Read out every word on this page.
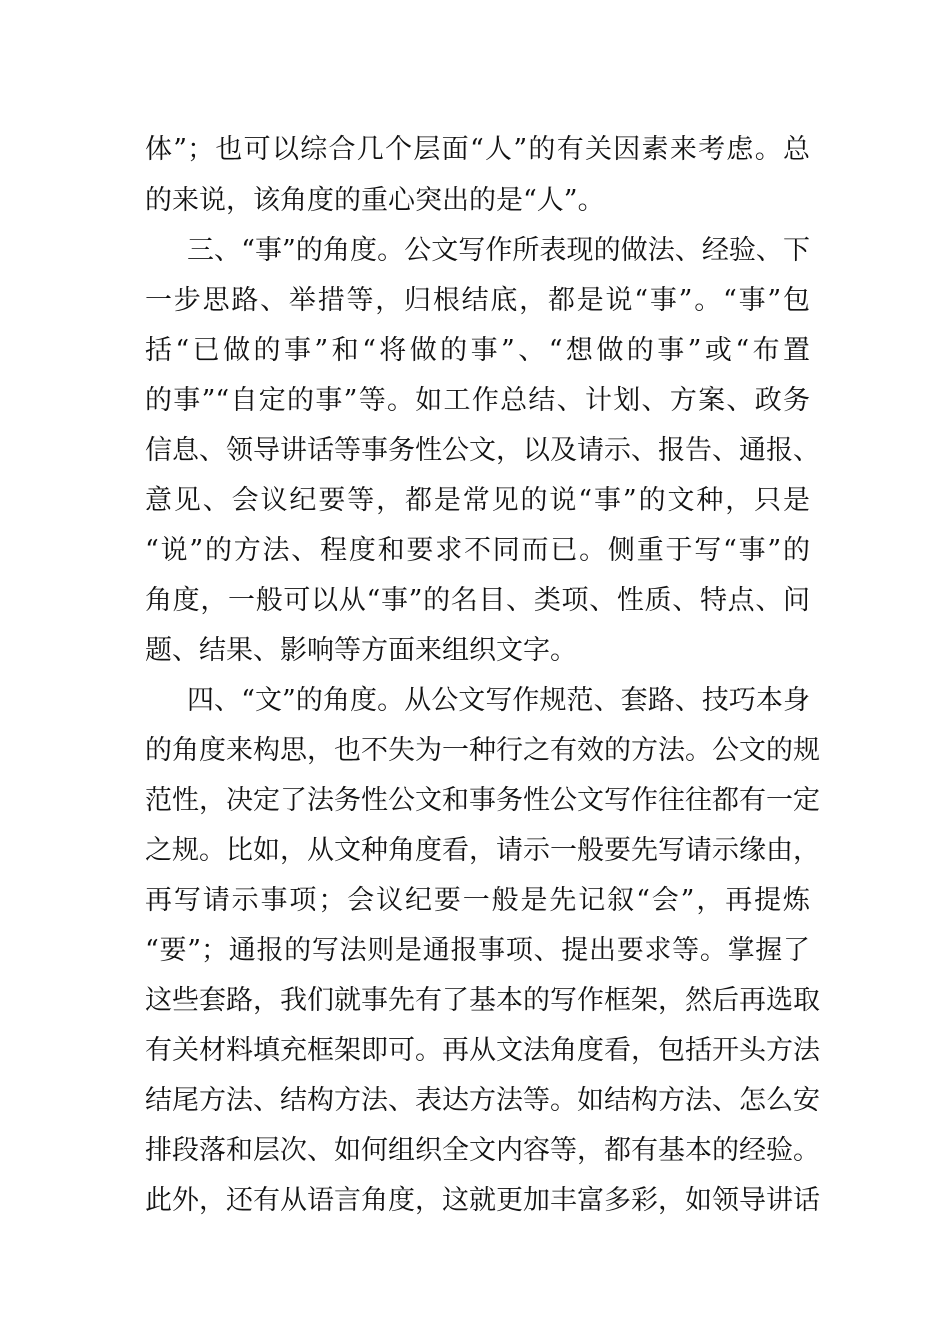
体”；也可以综合几个层面“人”的有关因素来考虑。总
的来说，该角度的重心突出的是“人”。
三、“事”的角度。公文写作所表现的做法、经验、下
一步思路、举措等，归根结底，都是说“事”。“事”包
括“已做的事”和“将做的事”、“想做的事”或“布置
的事”“自定的事”等。如工作总结、计划、方案、政务
信息、领导讲话等事务性公文，以及请示、报告、通报、
意见、会议纪要等，都是常见的说“事”的文种，只是
“说”的方法、程度和要求不同而已。侧重于写“事”的
角度，一般可以从“事”的名目、类项、性质、特点、问
题、结果、影响等方面来组织文字。
四、“文”的角度。从公文写作规范、套路、技巧本身
的角度来构思，也不失为一种行之有效的方法。公文的规
范性，决定了法务性公文和事务性公文写作往往都有一定
之规。比如，从文种角度看，请示一般要先写请示缘由，
再写请示事项；会议纪要一般是先记叙“会”，再提炼
“要”；通报的写法则是通报事项、提出要求等。掌握了
这些套路，我们就事先有了基本的写作框架，然后再选取
有关材料填充框架即可。再从文法角度看，包括开头方法
结尾方法、结构方法、表达方法等。如结构方法、怎么安
排段落和层次、如何组织全文内容等，都有基本的经验。
此外，还有从语言角度，这就更加丰富多彩，如领导讲话
